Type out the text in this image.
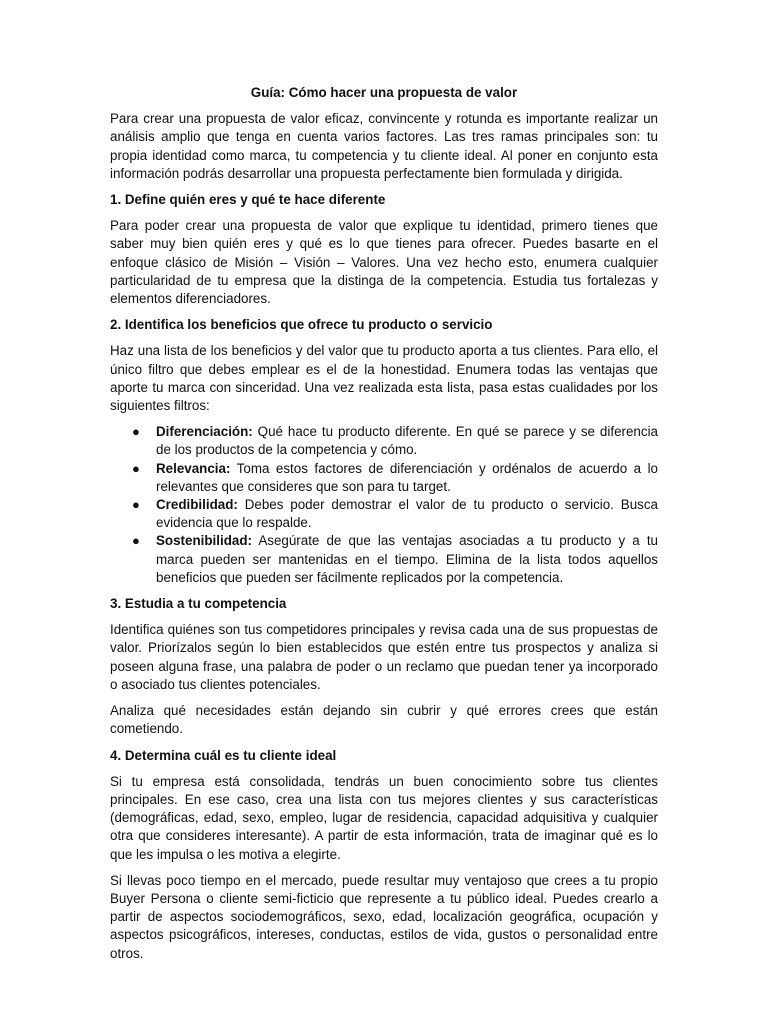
Guía: Cómo hacer una propuesta de valor

Para crear una propuesta de valor eficaz, convincente y rotunda es importante realizar un análisis amplio que tenga en cuenta varios factores. Las tres ramas principales son: tu propia identidad como marca, tu competencia y tu cliente ideal. Al poner en conjunto esta información podrás desarrollar una propuesta perfectamente bien formulada y dirigida.

1. Define quién eres y qué te hace diferente

Para poder crear una propuesta de valor que explique tu identidad, primero tienes que saber muy bien quién eres y qué es lo que tienes para ofrecer. Puedes basarte en el enfoque clásico de Misión – Visión – Valores. Una vez hecho esto, enumera cualquier particularidad de tu empresa que la distinga de la competencia. Estudia tus fortalezas y elementos diferenciadores.

2. Identifica los beneficios que ofrece tu producto o servicio

Haz una lista de los beneficios y del valor que tu producto aporta a tus clientes. Para ello, el único filtro que debes emplear es el de la honestidad. Enumera todas las ventajas que aporte tu marca con sinceridad. Una vez realizada esta lista, pasa estas cualidades por los siguientes filtros:

● Diferenciación: Qué hace tu producto diferente. En qué se parece y se diferencia de los productos de la competencia y cómo.
● Relevancia: Toma estos factores de diferenciación y ordénalos de acuerdo a lo relevantes que consideres que son para tu target.
● Credibilidad: Debes poder demostrar el valor de tu producto o servicio. Busca evidencia que lo respalde.
● Sostenibilidad: Asegúrate de que las ventajas asociadas a tu producto y a tu marca pueden ser mantenidas en el tiempo. Elimina de la lista todos aquellos beneficios que pueden ser fácilmente replicados por la competencia.
3. Estudia a tu competencia

Identifica quiénes son tus competidores principales y revisa cada una de sus propuestas de valor. Priorízalos según lo bien establecidos que estén entre tus prospectos y analiza si poseen alguna frase, una palabra de poder o un reclamo que puedan tener ya incorporado o asociado tus clientes potenciales.

Analiza qué necesidades están dejando sin cubrir y qué errores crees que están cometiendo.

4. Determina cuál es tu cliente ideal

Si tu empresa está consolidada, tendrás un buen conocimiento sobre tus clientes principales. En ese caso, crea una lista con tus mejores clientes y sus características (demográficas, edad, sexo, empleo, lugar de residencia, capacidad adquisitiva y cualquier otra que consideres interesante). A partir de esta información, trata de imaginar qué es lo que les impulsa o les motiva a elegirte.

Si llevas poco tiempo en el mercado, puede resultar muy ventajoso que crees a tu propio Buyer Persona o cliente semi-ficticio que represente a tu público ideal. Puedes crearlo a partir de aspectos sociodemográficos, sexo, edad, localización geográfica, ocupación y aspectos psicográficos, intereses, conductas, estilos de vida, gustos o personalidad entre otros.
